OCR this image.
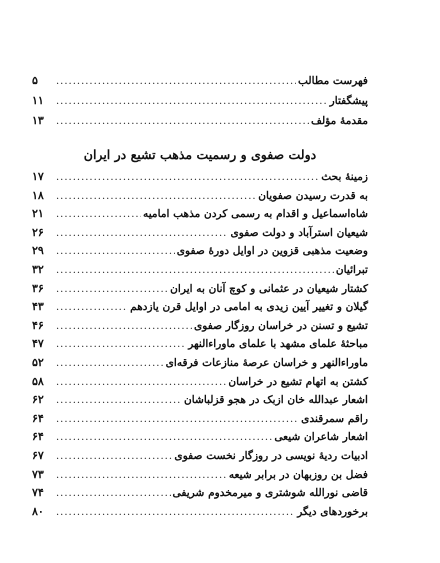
فهرست مطالب
.....
۵
پیشگفتار
.....
۱۱
مقدمهٔ مؤلف
.....
۱۳
دولت صفوی و رسمیت مذهب تشیع در ایران
زمینهٔ بحث
.....
۱۷
به قدرت رسیدن صفویان
.....
۱۸
شاه‌اسماعیل و اقدام به رسمی کردن مذهب امامیه
.....
۲۱
شیعیان استرآباد و دولت صفوی
.....
۲۶
وضعیت مذهبی قزوین در اوایل دورهٔ صفوی
.....
۲۹
تبرائیان
.....
۳۲
کشتار شیعیان در عثمانی و کوچ آنان به ایران
.....
۳۶
گیلان و تغییر آیین زیدی به امامی در اوایل قرن یازدهم
.....
۴۳
تشیع و تسنن در خراسان روزگار صفوی
.....
۴۶
مباحثهٔ علمای مشهد با علمای ماوراءالنهر
.....
۴۷
ماوراءالنهر و خراسان عرصهٔ منازعات فرقه‌ای
.....
۵۲
کشتن به اتهام تشیع در خراسان
.....
۵۸
اشعار عبدالله خان ازبک در هجو قزلباشان
.....
۶۲
راقم سمرقندی
.....
۶۴
اشعار شاعران شیعی
.....
۶۴
ادبیات ردیهٔ نویسی در روزگار نخست صفوی
.....
۶۷
فضل بن روزبهان در برابر شیعه
.....
۷۳
قاضی نورالله شوشتری و میرمخدوم شریفی
.....
۷۴
برخوردهای دیگر
.....
۸۰
